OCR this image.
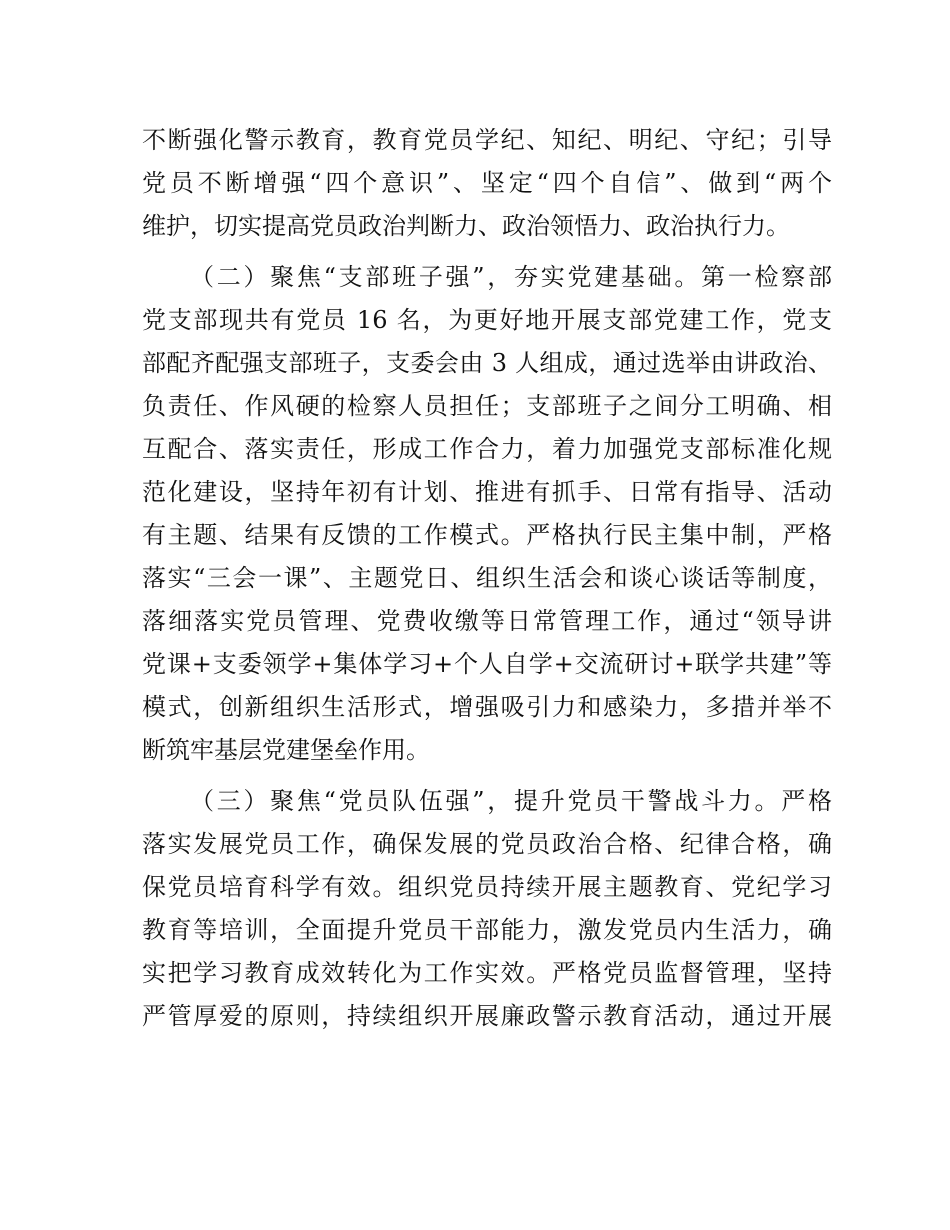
不断强化警示教育，教育党员学纪、知纪、明纪、守纪；引导
党员不断增强“四个意识”、坚定“四个自信”、做到“两个
维护，切实提高党员政治判断力、政治领悟力、政治执行力。
（二）聚焦“支部班子强”，夯实党建基础。第一检察部
党支部现共有党员 16 名，为更好地开展支部党建工作，党支
部配齐配强支部班子，支委会由 3 人组成，通过选举由讲政治、
负责任、作风硬的检察人员担任；支部班子之间分工明确、相
互配合、落实责任，形成工作合力，着力加强党支部标准化规
范化建设，坚持年初有计划、推进有抓手、日常有指导、活动
有主题、结果有反馈的工作模式。严格执行民主集中制，严格
落实“三会一课”、主题党日、组织生活会和谈心谈话等制度，
落细落实党员管理、党费收缴等日常管理工作，通过“领导讲
党课+支委领学+集体学习+个人自学+交流研讨+联学共建”等
模式，创新组织生活形式，增强吸引力和感染力，多措并举不
断筑牢基层党建堡垒作用。
（三）聚焦“党员队伍强”，提升党员干警战斗力。严格
落实发展党员工作，确保发展的党员政治合格、纪律合格，确
保党员培育科学有效。组织党员持续开展主题教育、党纪学习
教育等培训，全面提升党员干部能力，激发党员内生活力，确
实把学习教育成效转化为工作实效。严格党员监督管理，坚持
严管厚爱的原则，持续组织开展廉政警示教育活动，通过开展
